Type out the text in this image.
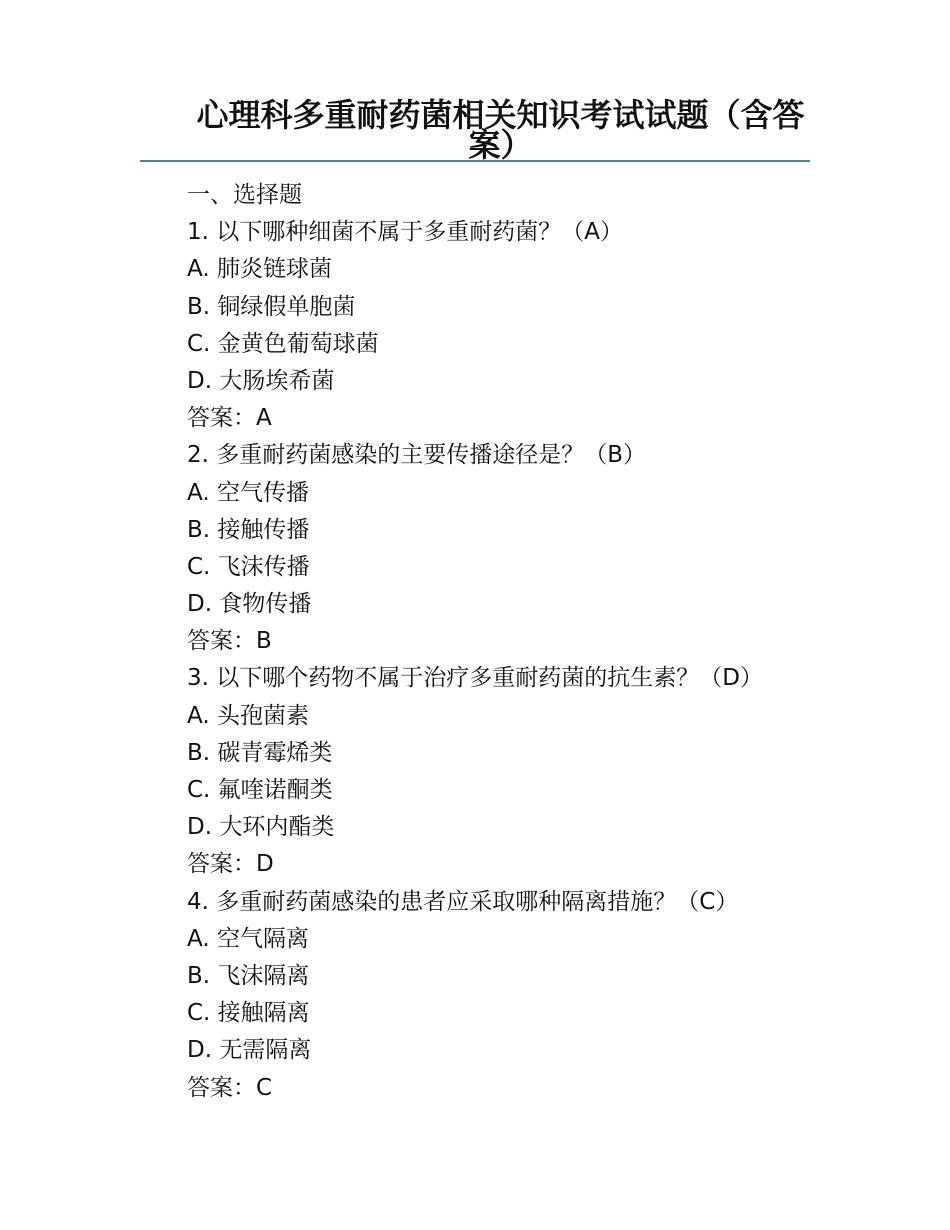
心理科多重耐药菌相关知识考试试题（含答案）

一、选择题

1. 以下哪种细菌不属于多重耐药菌？（A）

A. 肺炎链球菌

B. 铜绿假单胞菌

C. 金黄色葡萄球菌

D. 大肠埃希菌

答案：A

2. 多重耐药菌感染的主要传播途径是？（B）

A. 空气传播

B. 接触传播

C. 飞沫传播

D. 食物传播

答案：B

3. 以下哪个药物不属于治疗多重耐药菌的抗生素？（D）

A. 头孢菌素

B. 碳青霉烯类

C. 氟喹诺酮类

D. 大环内酯类

答案：D

4. 多重耐药菌感染的患者应采取哪种隔离措施？（C）

A. 空气隔离

B. 飞沫隔离

C. 接触隔离

D. 无需隔离

答案：C
